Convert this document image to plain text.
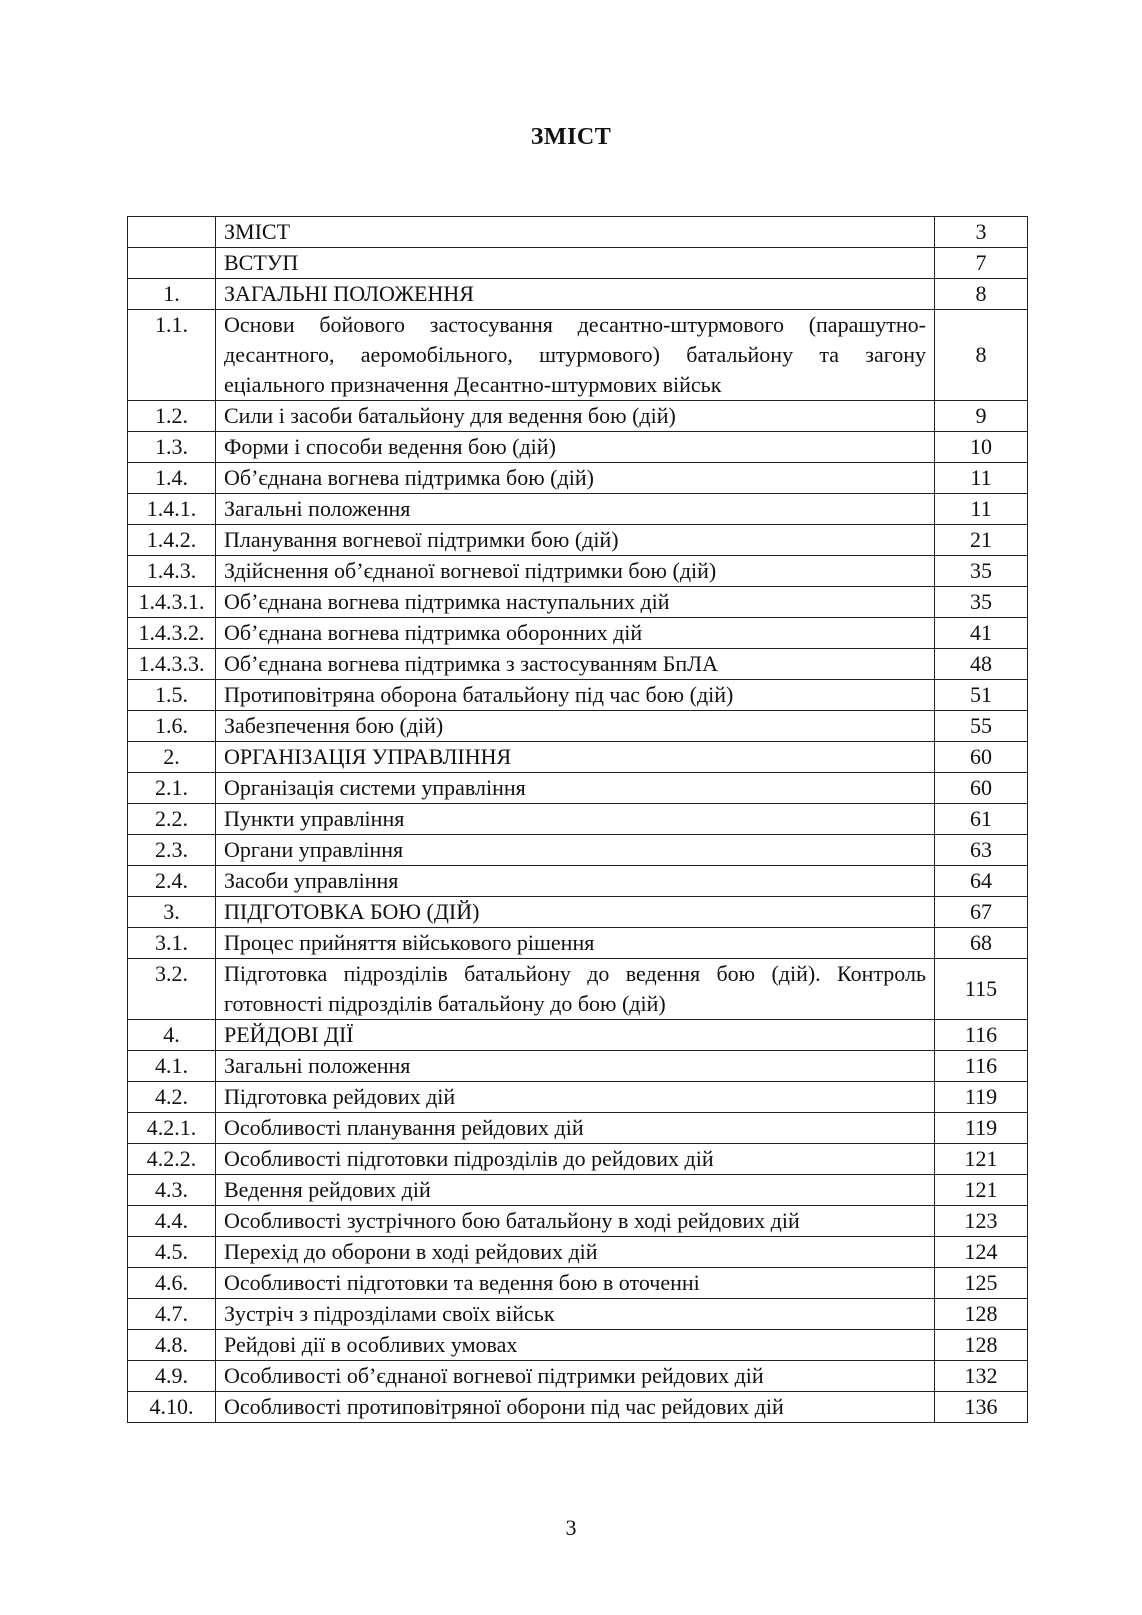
ЗМІСТ
	ЗМІСТ	3
	ВСТУП	7
1.	ЗАГАЛЬНІ ПОЛОЖЕННЯ	8
1.1.	Основи бойового застосування десантно-штурмового (парашутно-десантного, аеромобільного, штурмового) батальйону та загону еціального призначення Десантно-штурмових військ	8
1.2.	Сили і засоби батальйону для ведення бою (дій)	9
1.3.	Форми і способи ведення бою (дій)	10
1.4.	Об’єднана вогнева підтримка бою (дій)	11
1.4.1.	Загальні положення	11
1.4.2.	Планування вогневої підтримки бою (дій)	21
1.4.3.	Здійснення об’єднаної вогневої підтримки бою (дій)	35
1.4.3.1.	Об’єднана вогнева підтримка наступальних дій	35
1.4.3.2.	Об’єднана вогнева підтримка оборонних дій	41
1.4.3.3.	Об’єднана вогнева підтримка з застосуванням БпЛА	48
1.5.	Протиповітряна оборона батальйону під час бою (дій)	51
1.6.	Забезпечення бою (дій)	55
2.	ОРГАНІЗАЦІЯ УПРАВЛІННЯ	60
2.1.	Організація системи управління	60
2.2.	Пункти управління	61
2.3.	Органи управління	63
2.4.	Засоби управління	64
3.	ПІДГОТОВКА БОЮ (ДІЙ)	67
3.1.	Процес прийняття військового рішення	68
3.2.	Підготовка підрозділів батальйону до ведення бою (дій). Контроль готовності підрозділів батальйону до бою (дій)	115
4.	РЕЙДОВІ ДІЇ	116
4.1.	Загальні положення	116
4.2.	Підготовка рейдових дій	119
4.2.1.	Особливості планування рейдових дій	119
4.2.2.	Особливості підготовки підрозділів до рейдових дій	121
4.3.	Ведення рейдових дій	121
4.4.	Особливості зустрічного бою батальйону в ході рейдових дій	123
4.5.	Перехід до оборони в ході рейдових дій	124
4.6.	Особливості підготовки та ведення бою в оточенні	125
4.7.	Зустріч з підрозділами своїх військ	128
4.8.	Рейдові дії в особливих умовах	128
4.9.	Особливості об’єднаної вогневої підтримки рейдових дій	132
4.10.	Особливості протиповітряної оборони під час рейдових дій	136
3
